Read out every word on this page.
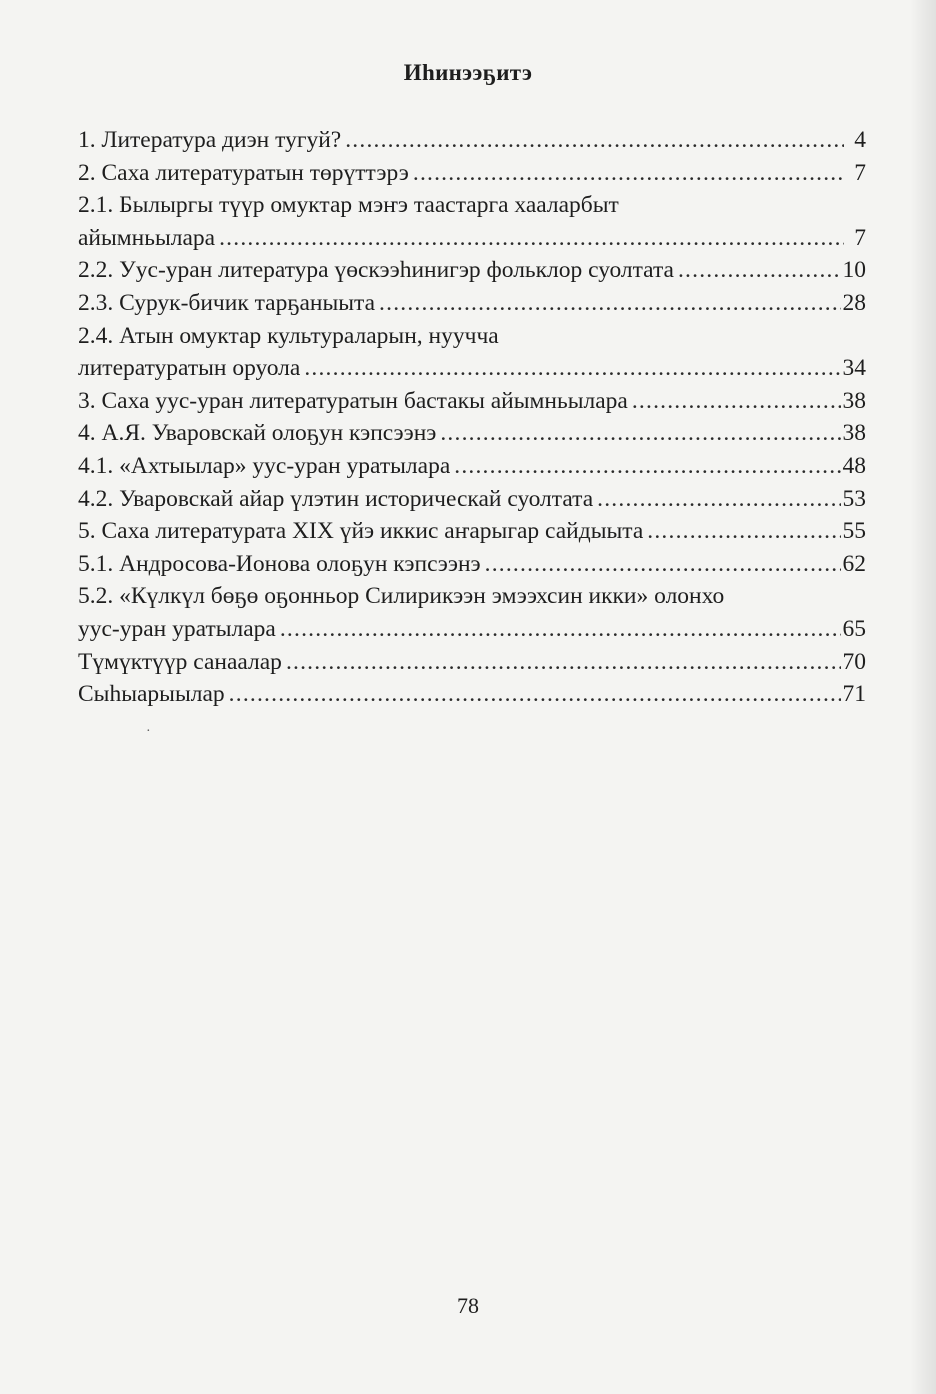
Иhинээҕитэ
1. Литература диэн тугуй? .....	4
2. Саха литературатын төрүттэрэ .....	7
2.1. Былыргы түүр омуктар мэҥэ таастарга хааларбыт
айымньылара .....	7
2.2. Уус-уран литература үөскээhинигэр фольклор суолтата .....	10
2.3. Сурук-бичик тарҕаныыта .....	28
2.4. Атын омуктар культураларын, нууччa
литературатын оруола .....	34
3. Саха уус-уран литературатын бастакы айымньылара .....	38
4. А.Я. Уваровскай олоҕун кэпсээнэ .....	38
4.1. «Ахтыылар» уус-уран уратылара .....	48
4.2. Уваровскай айар үлэтин историческай суолтата .....	53
5. Саха литературата XIX үйэ иккис аҥарыгар сайдыыта .....	55
5.1. Андросова-Ионова олоҕун кэпсээнэ .....	62
5.2. «Күлкүл бөҕө оҕонньор Силирикээн эмээхсин икки» олонхо
уус-уран уратылара .....	65
Түмүктүүр санаалар .....	70
Сыhыарыылар .....	71
·
78
